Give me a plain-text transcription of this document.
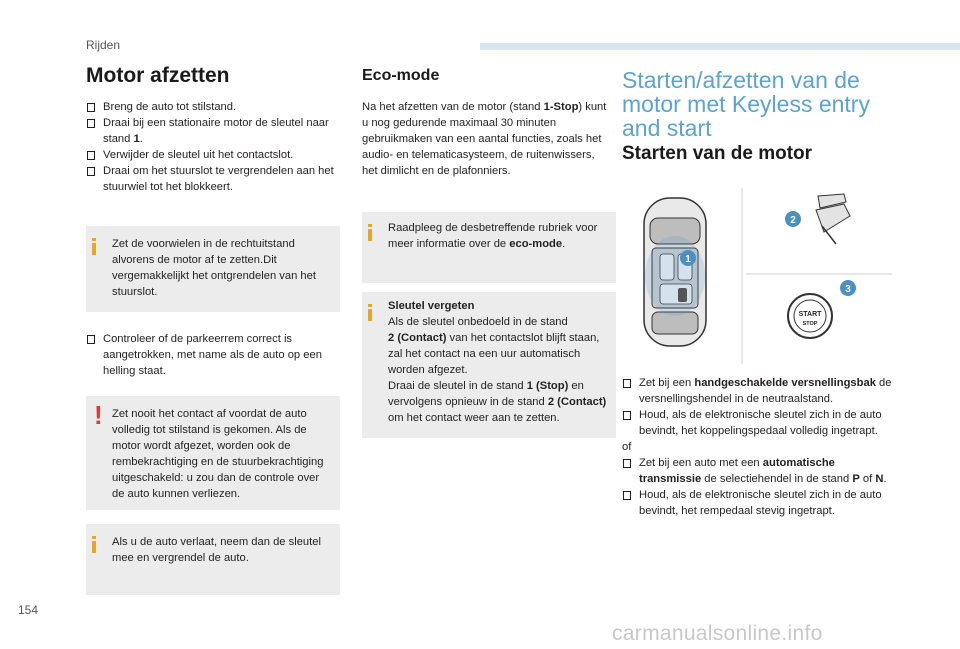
Rijden
Motor afzetten
Breng de auto tot stilstand.
Draai bij een stationaire motor de sleutel naar stand 1.
Verwijder de sleutel uit het contactslot.
Draai om het stuurslot te vergrendelen aan het stuurwiel tot het blokkeert.
Zet de voorwielen in de rechtuitstand alvorens de motor af te zetten.Dit vergemakkelijkt het ontgrendelen van het stuurslot.
Controleer of de parkeerrem correct is aangetrokken, met name als de auto op een helling staat.
! Zet nooit het contact af voordat de auto volledig tot stilstand is gekomen. Als de motor wordt afgezet, worden ook de rembekrachtiging en de stuurbekrachtiging uitgeschakeld: u zou dan de controle over de auto kunnen verliezen.
Als u de auto verlaat, neem dan de sleutel mee en vergrendel de auto.
Eco-mode
Na het afzetten van de motor (stand 1-Stop) kunt u nog gedurende maximaal 30 minuten gebruikmaken van een aantal functies, zoals het audio- en telematicasysteem, de ruitenwissers, het dimlicht en de plafonniers.
Raadpleeg de desbetreffende rubriek voor meer informatie over de eco-mode.
Sleutel vergeten
Als de sleutel onbedoeld in de stand
2 (Contact) van het contactslot blijft staan, zal het contact na een uur automatisch worden afgezet.
Draai de sleutel in de stand 1 (Stop) en vervolgens opnieuw in de stand 2 (Contact) om het contact weer aan te zetten.
Starten/afzetten van de
motor met Keyless entry
and start
Starten van de motor
1
2
START
STOP
3
Zet bij een handgeschakelde versnellingsbak de versnellingshendel in de neutraalstand.
Houd, als de elektronische sleutel zich in de auto bevindt, het koppelingspedaal volledig ingetrapt.
of
Zet bij een auto met een automatische transmissie de selectiehendel in de stand P of N.
Houd, als de elektronische sleutel zich in de auto bevindt, het rempedaal stevig ingetrapt.
154
carmanualsonline.info
